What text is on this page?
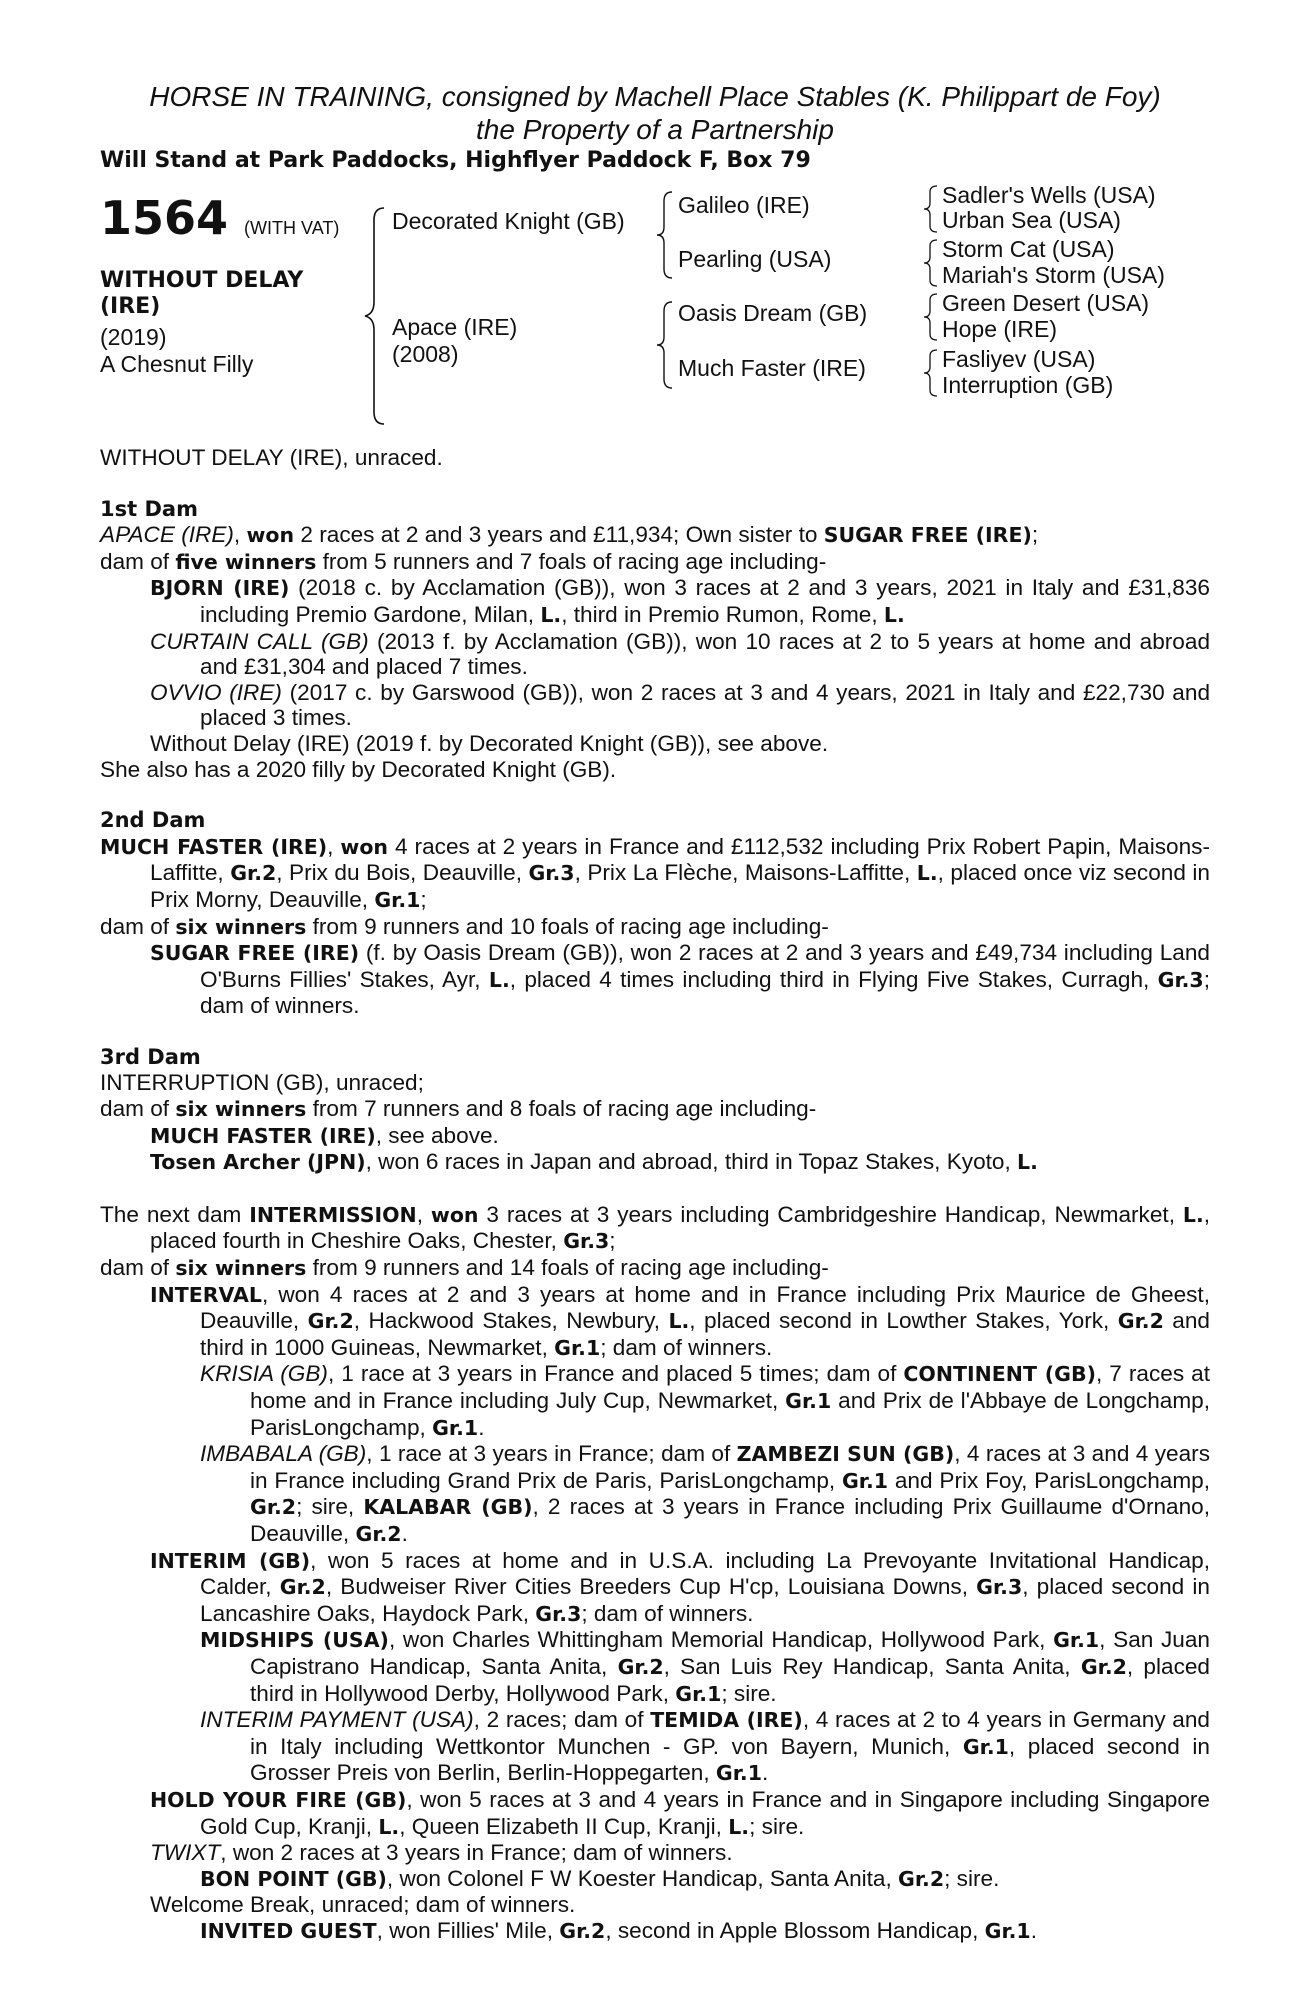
HORSE IN TRAINING, consigned by Machell Place Stables (K. Philippart de Foy)
the Property of a Partnership
Will Stand at Park Paddocks, Highflyer Paddock F, Box 79
1564 (WITH VAT)
WITHOUT DELAY (IRE)
(2019)
A Chesnut Filly
Decorated Knight (GB)
Apace (IRE)
(2008)
Galileo (IRE)
Pearling (USA)
Oasis Dream (GB)
Much Faster (IRE)
Sadler's Wells (USA)
Urban Sea (USA)
Storm Cat (USA)
Mariah's Storm (USA)
Green Desert (USA)
Hope (IRE)
Fasliyev (USA)
Interruption (GB)

WITHOUT DELAY (IRE), unraced.

1st Dam

APACE (IRE), won 2 races at 2 and 3 years and £11,934; Own sister to SUGAR FREE (IRE);

dam of five winners from 5 runners and 7 foals of racing age including-

BJORN (IRE) (2018 c. by Acclamation (GB)), won 3 races at 2 and 3 years, 2021 in Italy and £31,836 including Premio Gardone, Milan, L., third in Premio Rumon, Rome, L.

CURTAIN CALL (GB) (2013 f. by Acclamation (GB)), won 10 races at 2 to 5 years at home and abroad and £31,304 and placed 7 times.

OVVIO (IRE) (2017 c. by Garswood (GB)), won 2 races at 3 and 4 years, 2021 in Italy and £22,730 and placed 3 times.

Without Delay (IRE) (2019 f. by Decorated Knight (GB)), see above.

She also has a 2020 filly by Decorated Knight (GB).

2nd Dam

MUCH FASTER (IRE), won 4 races at 2 years in France and £112,532 including Prix Robert Papin, Maisons-Laffitte, Gr.2, Prix du Bois, Deauville, Gr.3, Prix La Flèche, Maisons-Laffitte, L., placed once viz second in Prix Morny, Deauville, Gr.1;

dam of six winners from 9 runners and 10 foals of racing age including-

SUGAR FREE (IRE) (f. by Oasis Dream (GB)), won 2 races at 2 and 3 years and £49,734 including Land O'Burns Fillies' Stakes, Ayr, L., placed 4 times including third in Flying Five Stakes, Curragh, Gr.3; dam of winners.

3rd Dam

INTERRUPTION (GB), unraced;

dam of six winners from 7 runners and 8 foals of racing age including-

MUCH FASTER (IRE), see above.

Tosen Archer (JPN), won 6 races in Japan and abroad, third in Topaz Stakes, Kyoto, L.

The next dam INTERMISSION, won 3 races at 3 years including Cambridgeshire Handicap, Newmarket, L., placed fourth in Cheshire Oaks, Chester, Gr.3;

dam of six winners from 9 runners and 14 foals of racing age including-

INTERVAL, won 4 races at 2 and 3 years at home and in France including Prix Maurice de Gheest, Deauville, Gr.2, Hackwood Stakes, Newbury, L., placed second in Lowther Stakes, York, Gr.2 and third in 1000 Guineas, Newmarket, Gr.1; dam of winners.

KRISIA (GB), 1 race at 3 years in France and placed 5 times; dam of CONTINENT (GB), 7 races at home and in France including July Cup, Newmarket, Gr.1 and Prix de l'Abbaye de Longchamp, ParisLongchamp, Gr.1.

IMBABALA (GB), 1 race at 3 years in France; dam of ZAMBEZI SUN (GB), 4 races at 3 and 4 years in France including Grand Prix de Paris, ParisLongchamp, Gr.1 and Prix Foy, ParisLongchamp, Gr.2; sire, KALABAR (GB), 2 races at 3 years in France including Prix Guillaume d'Ornano, Deauville, Gr.2.

INTERIM (GB), won 5 races at home and in U.S.A. including La Prevoyante Invitational Handicap, Calder, Gr.2, Budweiser River Cities Breeders Cup H'cp, Louisiana Downs, Gr.3, placed second in Lancashire Oaks, Haydock Park, Gr.3; dam of winners.

MIDSHIPS (USA), won Charles Whittingham Memorial Handicap, Hollywood Park, Gr.1, San Juan Capistrano Handicap, Santa Anita, Gr.2, San Luis Rey Handicap, Santa Anita, Gr.2, placed third in Hollywood Derby, Hollywood Park, Gr.1; sire.

INTERIM PAYMENT (USA), 2 races; dam of TEMIDA (IRE), 4 races at 2 to 4 years in Germany and in Italy including Wettkontor Munchen - GP. von Bayern, Munich, Gr.1, placed second in Grosser Preis von Berlin, Berlin-Hoppegarten, Gr.1.

HOLD YOUR FIRE (GB), won 5 races at 3 and 4 years in France and in Singapore including Singapore Gold Cup, Kranji, L., Queen Elizabeth II Cup, Kranji, L.; sire.

TWIXT, won 2 races at 3 years in France; dam of winners.

BON POINT (GB), won Colonel F W Koester Handicap, Santa Anita, Gr.2; sire.

Welcome Break, unraced; dam of winners.

INVITED GUEST, won Fillies' Mile, Gr.2, second in Apple Blossom Handicap, Gr.1.
